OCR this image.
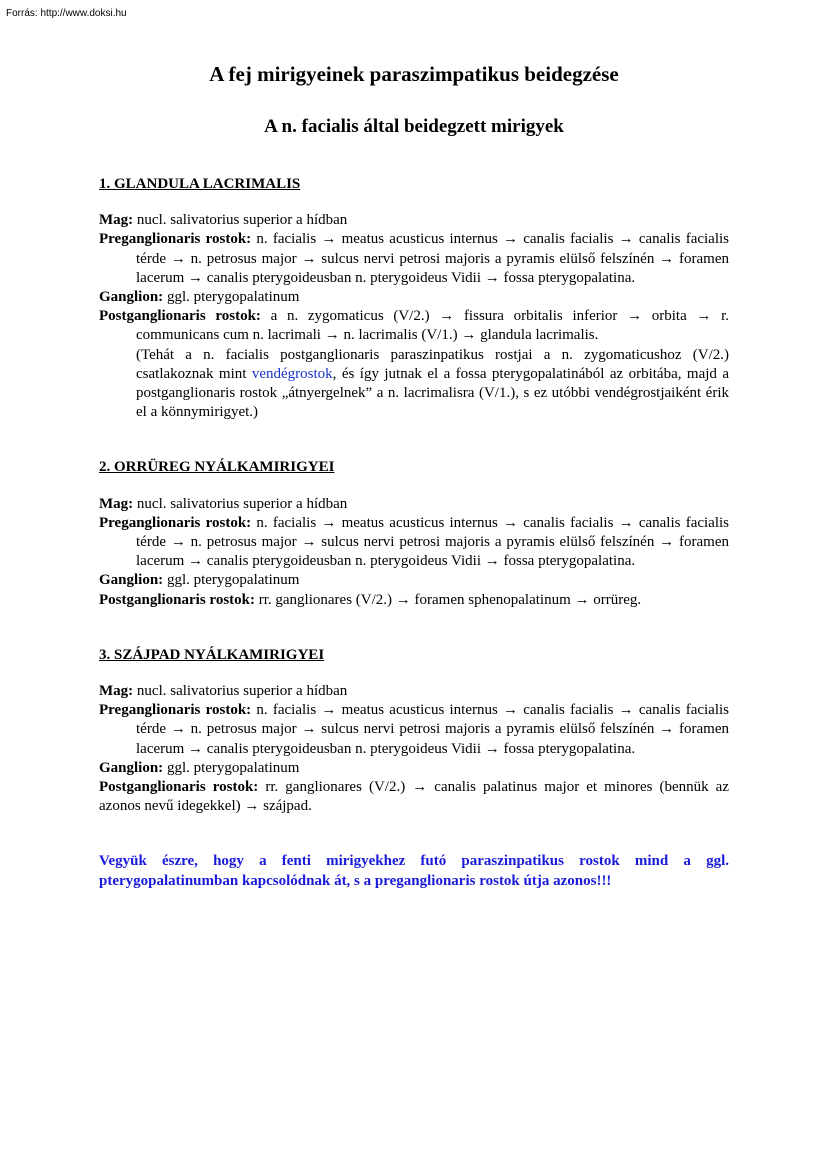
Forrás: http://www.doksi.hu
A fej mirigyeinek paraszimpatikus beidegzése
A n. facialis által beidegzett mirigyek
1. GLANDULA LACRIMALIS
Mag: nucl. salivatorius superior a hídban
Preganglionaris rostok: n. facialis → meatus acusticus internus → canalis facialis → canalis facialis térde → n. petrosus major → sulcus nervi petrosi majoris a pyramis elülső felszínén → foramen lacerum → canalis pterygoideusban n. pterygoideus Vidii → fossa pterygopalatina.
Ganglion: ggl. pterygopalatinum
Postganglionaris rostok: a n. zygomaticus (V/2.) → fissura orbitalis inferior → orbita → r. communicans cum n. lacrimali → n. lacrimalis (V/1.) → glandula lacrimalis.
(Tehát a n. facialis postganglionaris paraszinpatikus rostjai a n. zygomaticushoz (V/2.) csatlakoznak mint vendégrostok, és így jutnak el a fossa pterygopalatinából az orbitába, majd a postganglionaris rostok „átnyergelnek” a n. lacrimalisra (V/1.), s ez utóbbi vendégrostjaiként érik el a könnymirigyet.)
2. ORRÜREG NYÁLKAMIRIGYEI
Mag: nucl. salivatorius superior a hídban
Preganglionaris rostok: n. facialis → meatus acusticus internus → canalis facialis → canalis facialis térde → n. petrosus major → sulcus nervi petrosi majoris a pyramis elülső felszínén → foramen lacerum → canalis pterygoideusban n. pterygoideus Vidii → fossa pterygopalatina.
Ganglion: ggl. pterygopalatinum
Postganglionaris rostok: rr. ganglionares (V/2.) → foramen sphenopalatinum → orrüreg.
3. SZÁJPAD NYÁLKAMIRIGYEI
Mag: nucl. salivatorius superior a hídban
Preganglionaris rostok: n. facialis → meatus acusticus internus → canalis facialis → canalis facialis térde → n. petrosus major → sulcus nervi petrosi majoris a pyramis elülső felszínén → foramen lacerum → canalis pterygoideusban n. pterygoideus Vidii → fossa pterygopalatina.
Ganglion: ggl. pterygopalatinum
Postganglionaris rostok: rr. ganglionares (V/2.) → canalis palatinus major et minores (bennük az azonos nevű idegekkel) → szájpad.
Vegyük észre, hogy a fenti mirigyekhez futó paraszinpatikus rostok mind a ggl. pterygopalatinumban kapcsolódnak át, s a preganglionaris rostok útja azonos!!!
